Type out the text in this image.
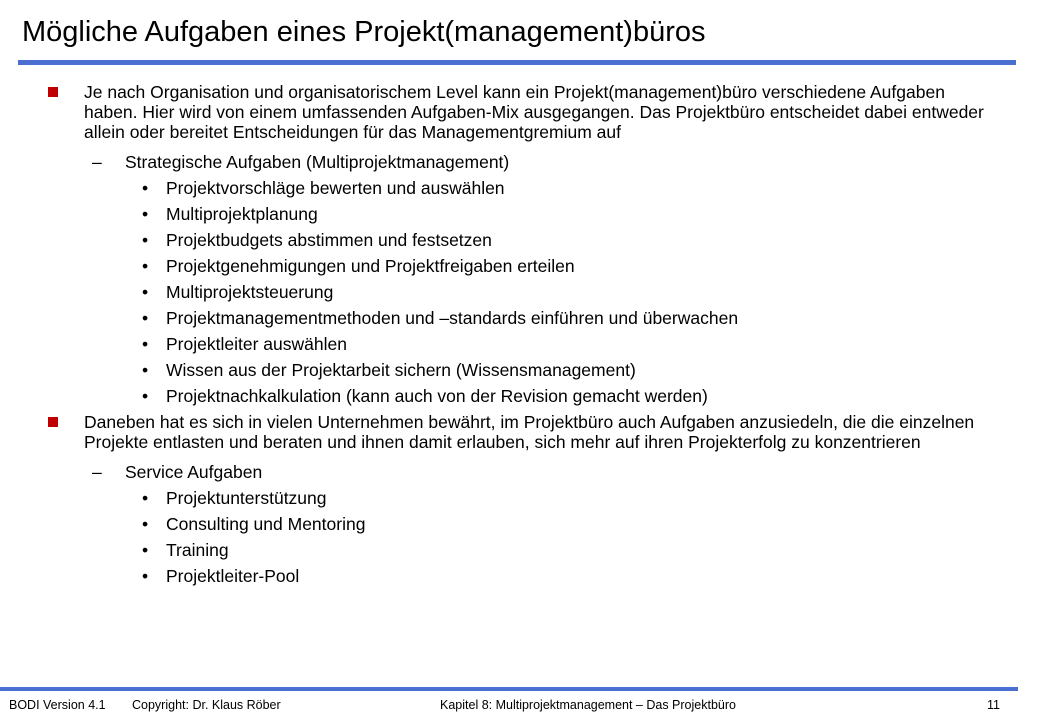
Mögliche Aufgaben eines Projekt(management)büros
Je nach Organisation und organisatorischem Level kann ein Projekt(management)büro verschiedene Aufgaben haben. Hier wird von einem umfassenden Aufgaben-Mix ausgegangen. Das Projektbüro entscheidet dabei entweder allein oder bereitet Entscheidungen für das Managementgremium auf
– Strategische Aufgaben (Multiprojektmanagement)
• Projektvorschläge bewerten und auswählen
• Multiprojektplanung
• Projektbudgets abstimmen und festsetzen
• Projektgenehmigungen und Projektfreigaben erteilen
• Multiprojektsteuerung
• Projektmanagementmethoden und –standards einführen und überwachen
• Projektleiter auswählen
• Wissen aus der Projektarbeit sichern (Wissensmanagement)
• Projektnachkalkulation (kann auch von der Revision gemacht werden)
Daneben hat es sich in vielen Unternehmen bewährt, im Projektbüro auch Aufgaben anzusiedeln, die die einzelnen Projekte entlasten und beraten und ihnen damit erlauben, sich mehr auf ihren Projekterfolg zu konzentrieren
– Service Aufgaben
• Projektunterstützung
• Consulting und Mentoring
• Training
• Projektleiter-Pool
BODI Version 4.1 Copyright: Dr. Klaus Röber	Kapitel 8: Multiprojektmanagement – Das Projektbüro	11
